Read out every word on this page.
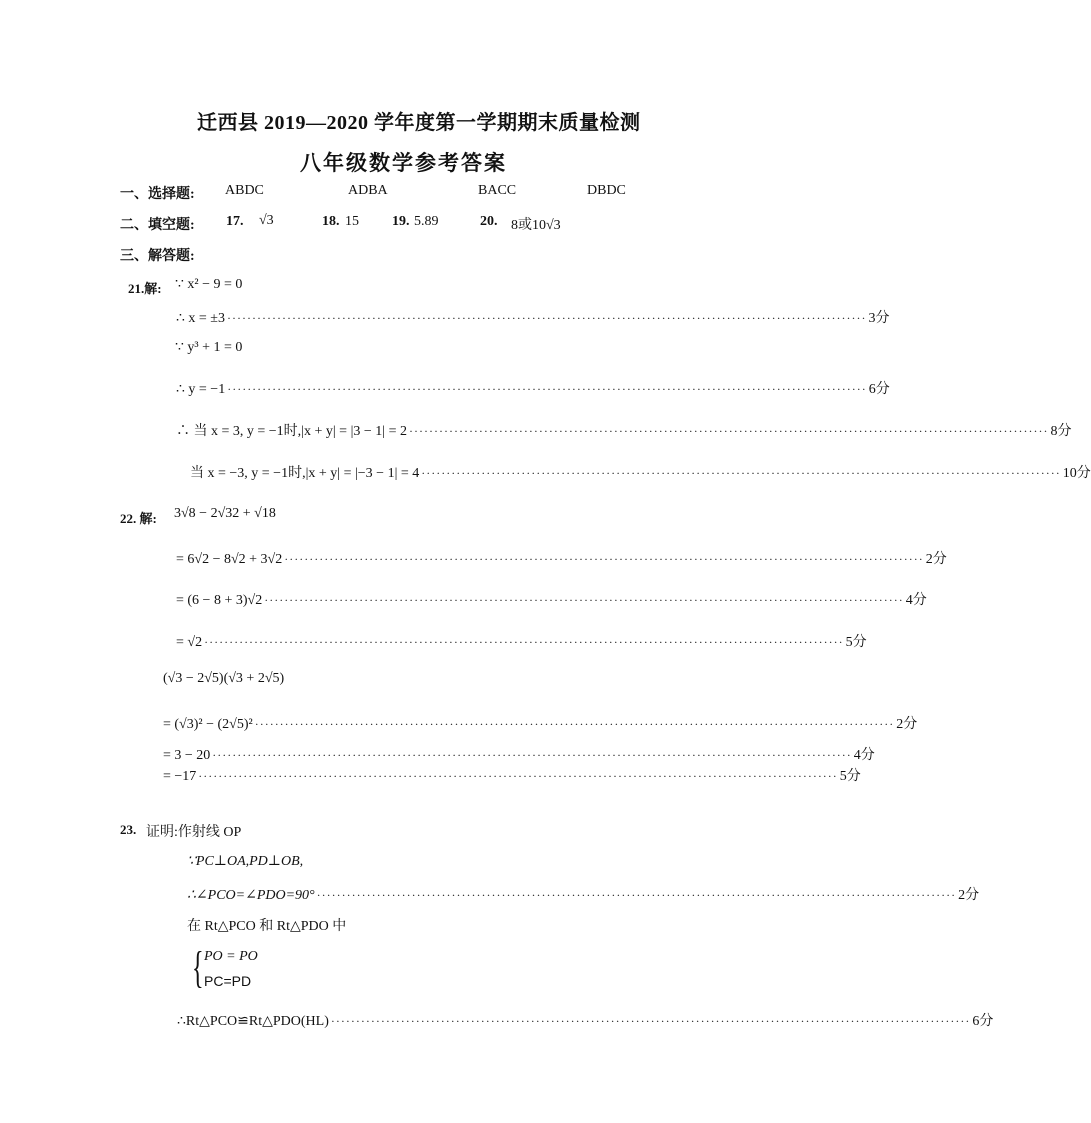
迁西县 2019—2020 学年度第一学期期末质量检测
八年级数学参考答案
一、选择题: ABDC	ADBA	BACC	DBDC
二、填空题: 17. √3	18. 15 19. 5.89	20. 8或10√3
三、解答题:
21.解: ∵ x² − 9 = 0
∴ x = ±3 ································································································································ 3分
∵ y³ + 1 = 0
∴ y = −1 ································································································································ 6分
∴ 当 x = 3, y = −1时,|x + y| = |3 − 1| = 2 ································································································································ 8分
当 x = −3, y = −1时,|x + y| = |−3 − 1| = 4 ································································································································ 10分
22. 解: 3√8 − 2√32 + √18
= 6√2 − 8√2 + 3√2 ································································································································ 2分
= (6 − 8 + 3)√2 ································································································································ 4分
= √2 ································································································································ 5分
(√3 − 2√5)(√3 + 2√5)
= (√3)² − (2√5)² ································································································································ 2分
= 3 − 20 ································································································································ 4分
= −17 ································································································································ 5分
23. 证明:作射线 OP
∵PC⊥OA,PD⊥OB,
∴∠PCO=∠PDO=90° ································································································································ 2分
在 Rt△PCO 和 Rt△PDO 中
{ PO = PO
PC=PD
∴Rt△PCO≌Rt△PDO(HL) ································································································································ 6分
